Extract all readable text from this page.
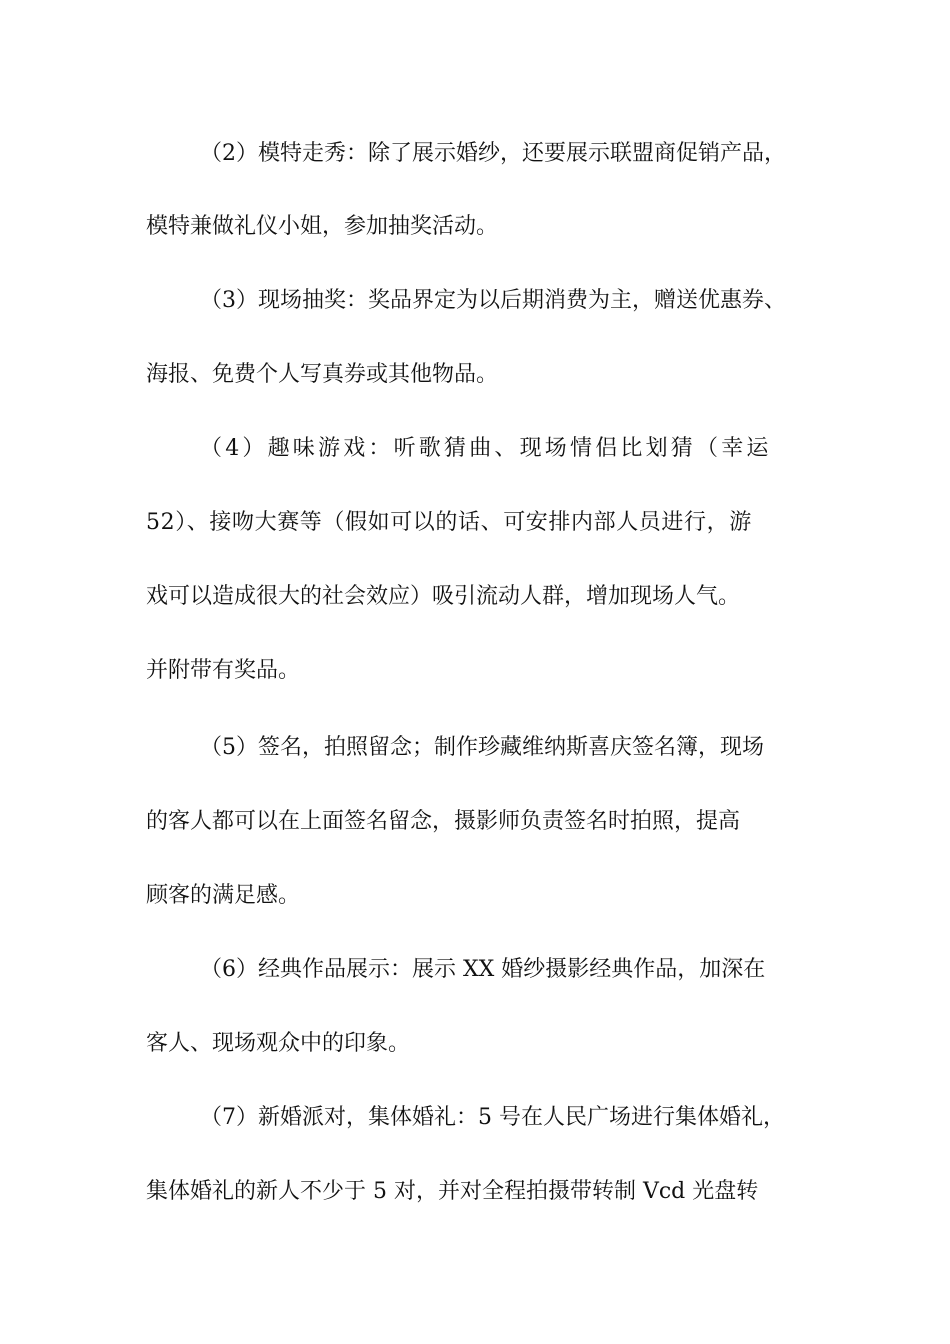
（2）模特走秀：除了展示婚纱，还要展示联盟商促销产品，
模特兼做礼仪小姐，参加抽奖活动。
（3）现场抽奖：奖品界定为以后期消费为主，赠送优惠券、
海报、免费个人写真券或其他物品。
（4）趣味游戏：听歌猜曲、现场情侣比划猜（幸运
52）、接吻大赛等（假如可以的话、可安排内部人员进行，游
戏可以造成很大的社会效应）吸引流动人群，增加现场人气。
并附带有奖品。
（5）签名，拍照留念；制作珍藏维纳斯喜庆签名簿，现场
的客人都可以在上面签名留念，摄影师负责签名时拍照，提高
顾客的满足感。
（6）经典作品展示：展示 XX 婚纱摄影经典作品，加深在
客人、现场观众中的印象。
（7）新婚派对，集体婚礼：5 号在人民广场进行集体婚礼，
集体婚礼的新人不少于 5 对，并对全程拍摄带转制 Vcd 光盘转
